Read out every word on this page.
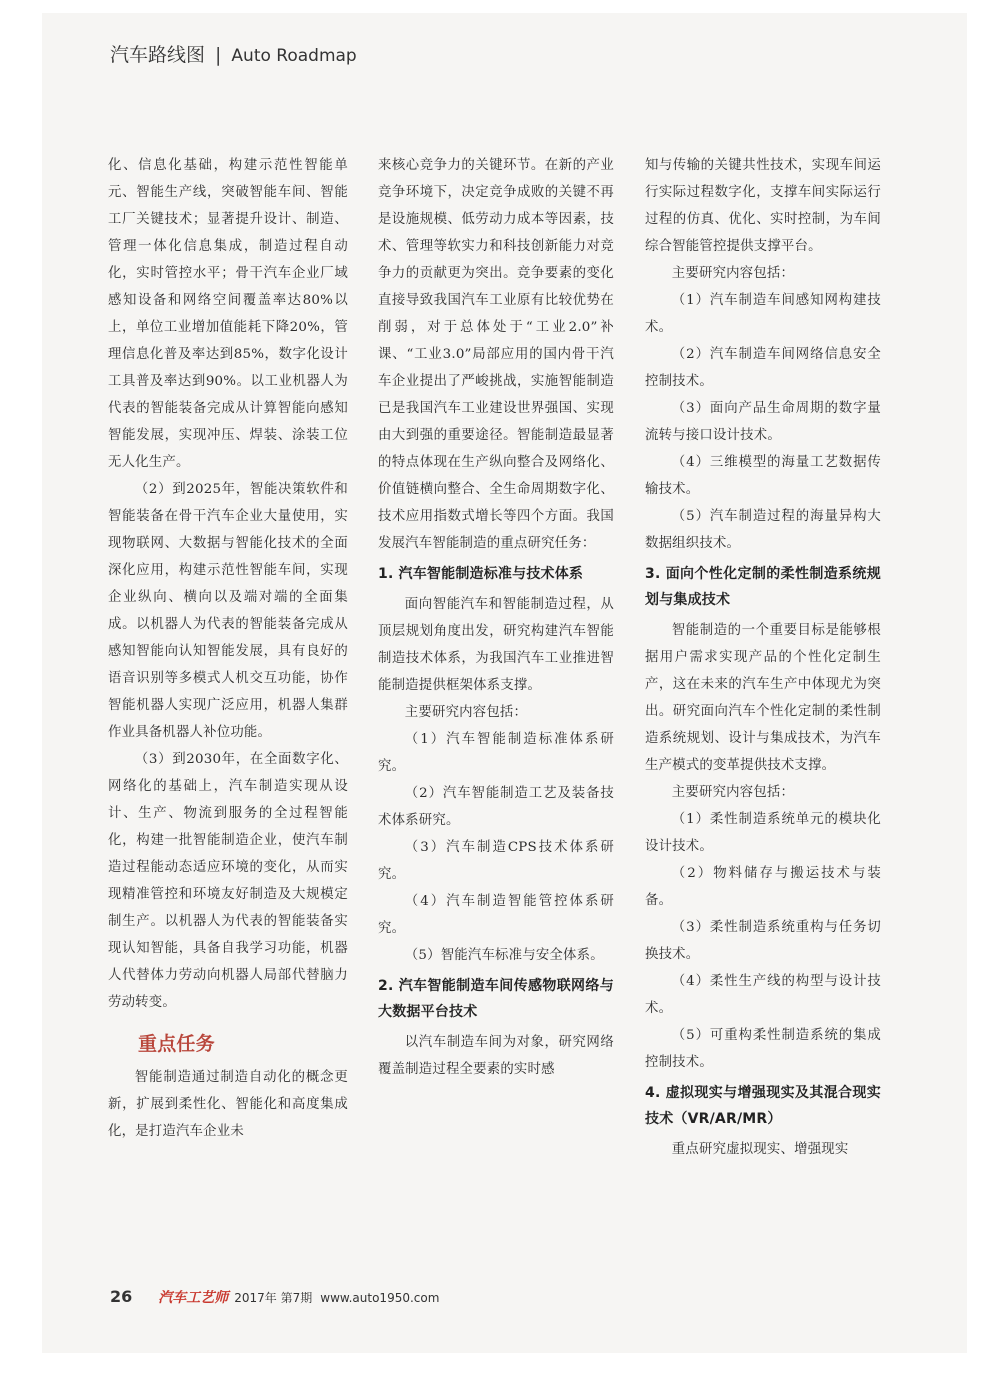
汽车路线图 | Auto Roadmap

化、信息化基础，构建示范性智能单元、智能生产线，突破智能车间、智能工厂关键技术；显著提升设计、制造、管理一体化信息集成，制造过程自动化，实时管控水平；骨干汽车企业厂域感知设备和网络空间覆盖率达80%以上，单位工业增加值能耗下降20%，管理信息化普及率达到85%，数字化设计工具普及率达到90%。以工业机器人为代表的智能装备完成从计算智能向感知智能发展，实现冲压、焊装、涂装工位无人化生产。

（2）到2025年，智能决策软件和智能装备在骨干汽车企业大量使用，实现物联网、大数据与智能化技术的全面深化应用，构建示范性智能车间，实现企业纵向、横向以及端对端的全面集成。以机器人为代表的智能装备完成从感知智能向认知智能发展，具有良好的语音识别等多模式人机交互功能，协作智能机器人实现广泛应用，机器人集群作业具备机器人补位功能。

（3）到2030年，在全面数字化、网络化的基础上，汽车制造实现从设计、生产、物流到服务的全过程智能化，构建一批智能制造企业，使汽车制造过程能动态适应环境的变化，从而实现精准管控和环境友好制造及大规模定制生产。以机器人为代表的智能装备实现认知智能，具备自我学习功能，机器人代替体力劳动向机器人局部代替脑力劳动转变。

重点任务

智能制造通过制造自动化的概念更新，扩展到柔性化、智能化和高度集成化，是打造汽车企业未

来核心竞争力的关键环节。在新的产业竞争环境下，决定竞争成败的关键不再是设施规模、低劳动力成本等因素，技术、管理等软实力和科技创新能力对竞争力的贡献更为突出。竞争要素的变化直接导致我国汽车工业原有比较优势在削弱，对于总体处于“工业2.0”补课、“工业3.0”局部应用的国内骨干汽车企业提出了严峻挑战，实施智能制造已是我国汽车工业建设世界强国、实现由大到强的重要途径。智能制造最显著的特点体现在生产纵向整合及网络化、价值链横向整合、全生命周期数字化、技术应用指数式增长等四个方面。我国发展汽车智能制造的重点研究任务：

1. 汽车智能制造标准与技术体系

面向智能汽车和智能制造过程，从顶层规划角度出发，研究构建汽车智能制造技术体系，为我国汽车工业推进智能制造提供框架体系支撑。

主要研究内容包括：

（1）汽车智能制造标准体系研究。

（2）汽车智能制造工艺及装备技术体系研究。

（3）汽车制造CPS技术体系研究。

（4）汽车制造智能管控体系研究。

（5）智能汽车标准与安全体系。

2. 汽车智能制造车间传感物联网络与大数据平台技术

以汽车制造车间为对象，研究网络覆盖制造过程全要素的实时感

知与传输的关键共性技术，实现车间运行实际过程数字化，支撑车间实际运行过程的仿真、优化、实时控制，为车间综合智能管控提供支撑平台。

主要研究内容包括：

（1）汽车制造车间感知网构建技术。

（2）汽车制造车间网络信息安全控制技术。

（3）面向产品生命周期的数字量流转与接口设计技术。

（4）三维模型的海量工艺数据传输技术。

（5）汽车制造过程的海量异构大数据组织技术。

3. 面向个性化定制的柔性制造系统规划与集成技术

智能制造的一个重要目标是能够根据用户需求实现产品的个性化定制生产，这在未来的汽车生产中体现尤为突出。研究面向汽车个性化定制的柔性制造系统规划、设计与集成技术，为汽车生产模式的变革提供技术支撑。

主要研究内容包括：

（1）柔性制造系统单元的模块化设计技术。

（2）物料储存与搬运技术与装备。

（3）柔性制造系统重构与任务切换技术。

（4）柔性生产线的构型与设计技术。

（5）可重构柔性制造系统的集成控制技术。

4. 虚拟现实与增强现实及其混合现实技术（VR/AR/MR）

重点研究虚拟现实、增强现实

26 汽车工艺师 2017年 第7期 www.auto1950.com
